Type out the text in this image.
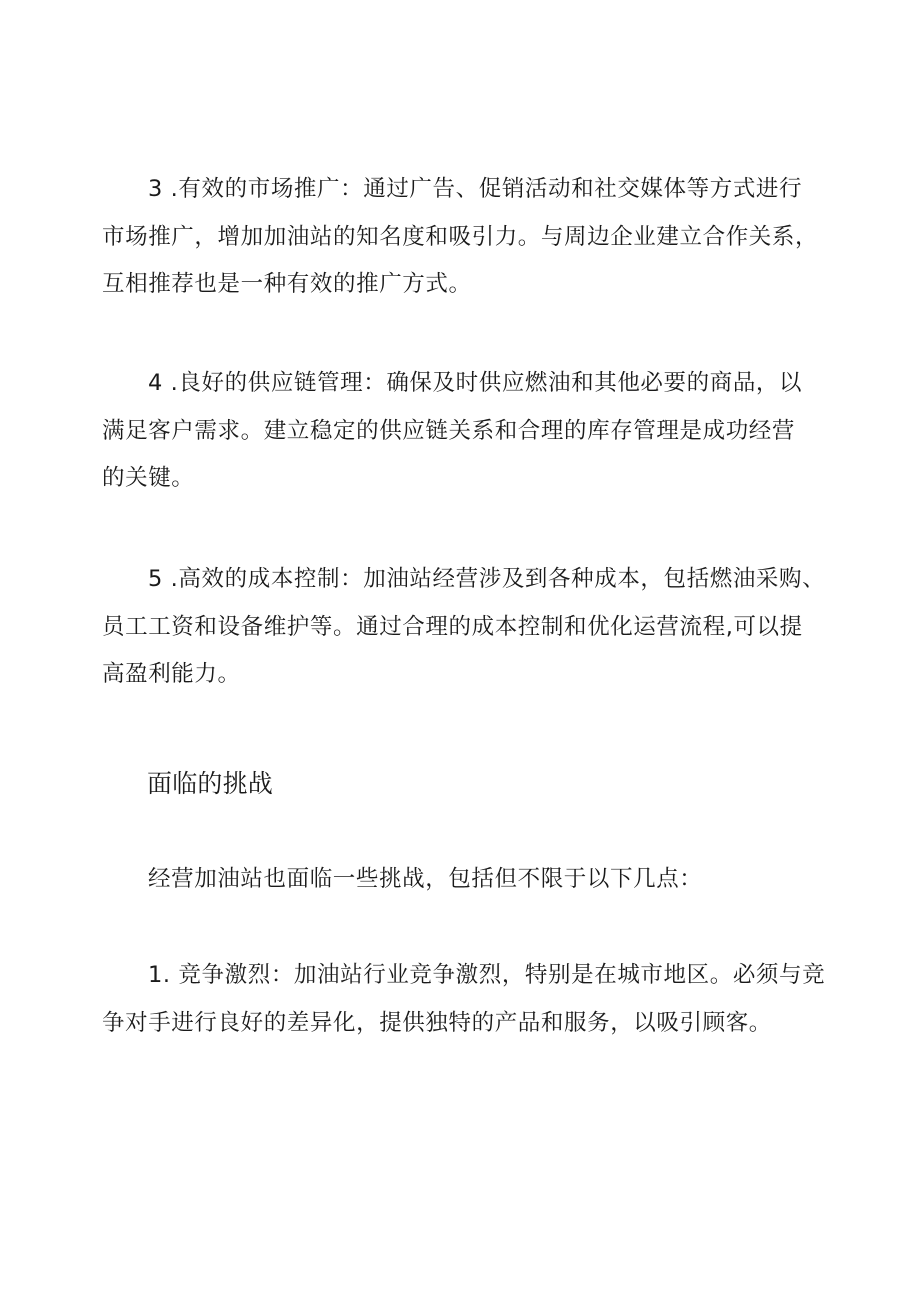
3 .有效的市场推广：通过广告、促销活动和社交媒体等方式进行
市场推广，增加加油站的知名度和吸引力。与周边企业建立合作关系，
互相推荐也是一种有效的推广方式。
4 .良好的供应链管理：确保及时供应燃油和其他必要的商品，以
满足客户需求。建立稳定的供应链关系和合理的库存管理是成功经营
的关键。
5 .高效的成本控制：加油站经营涉及到各种成本，包括燃油采购、
员工工资和设备维护等。通过合理的成本控制和优化运营流程,可以提
高盈利能力。
面临的挑战
经营加油站也面临一些挑战，包括但不限于以下几点：
1. 竞争激烈：加油站行业竞争激烈，特别是在城市地区。必须与竞
争对手进行良好的差异化，提供独特的产品和服务，以吸引顾客。
